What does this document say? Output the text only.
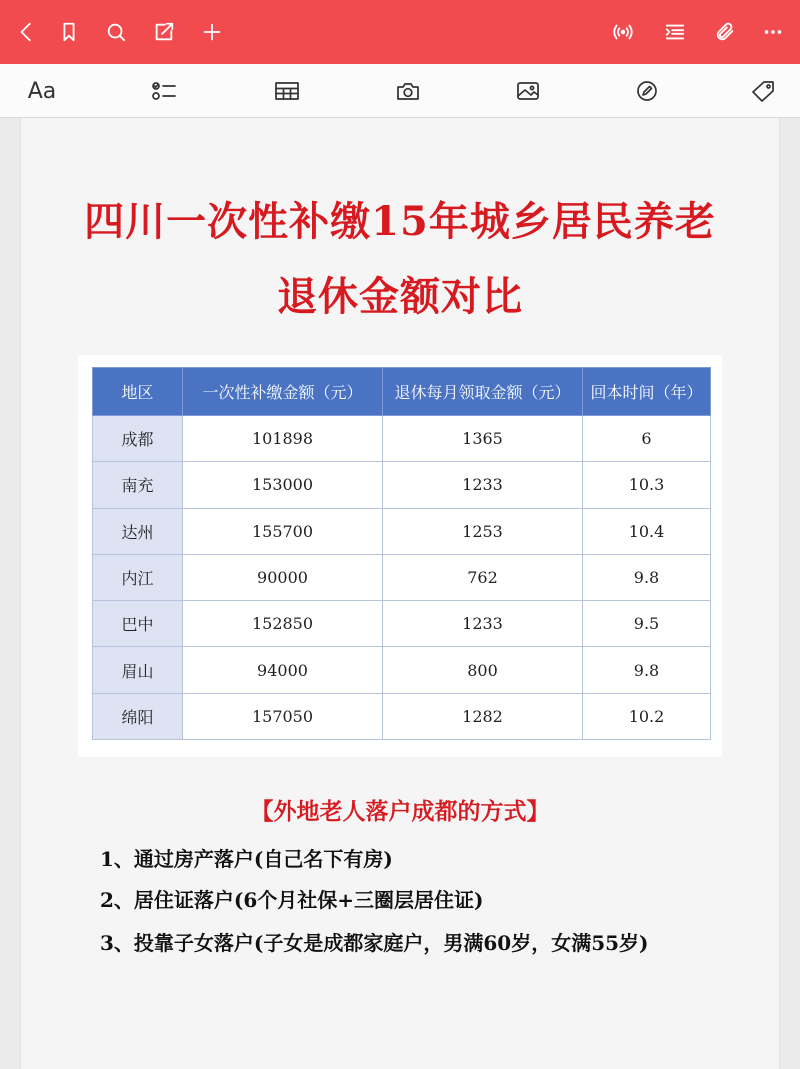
Aa
四川一次性补缴15年城乡居民养老
退休金额对比
地区	一次性补缴金额（元）	退休每月领取金额（元）	回本时间（年）
成都	101898	1365	6
南充	153000	1233	10.3
达州	155700	1253	10.4
内江	90000	762	9.8
巴中	152850	1233	9.5
眉山	94000	800	9.8
绵阳	157050	1282	10.2
【外地老人落户成都的方式】
1、通过房产落户(自己名下有房)
2、居住证落户(6个月社保+三圈层居住证)
3、投靠子女落户(子女是成都家庭户，男满60岁，女满55岁)
